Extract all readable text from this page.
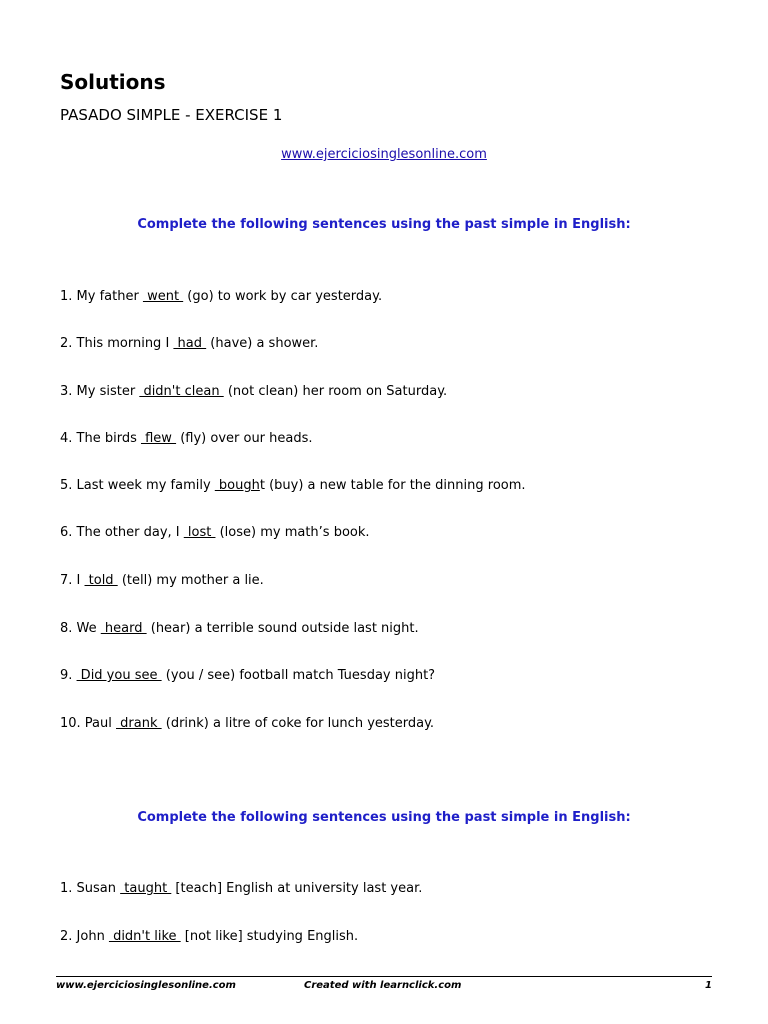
Solutions
PASADO SIMPLE - EXERCISE 1
www.ejerciciosinglesonline.com
Complete the following sentences using the past simple in English:
1. My father  went  (go) to work by car yesterday.
2. This morning I  had  (have) a shower.
3. My sister  didn't clean  (not clean) her room on Saturday.
4. The birds  flew  (fly) over our heads.
5. Last week my family  bought (buy) a new table for the dinning room.
6. The other day, I  lost  (lose) my math’s book.
7. I  told  (tell) my mother a lie.
8. We  heard  (hear) a terrible sound outside last night.
9.  Did you see  (you / see) football match Tuesday night?
10. Paul  drank  (drink) a litre of coke for lunch yesterday.
Complete the following sentences using the past simple in English:
1. Susan  taught  [teach] English at university last year.
2. John  didn't like  [not like] studying English.
www.ejerciciosinglesonline.com	Created with learnclick.com	1
